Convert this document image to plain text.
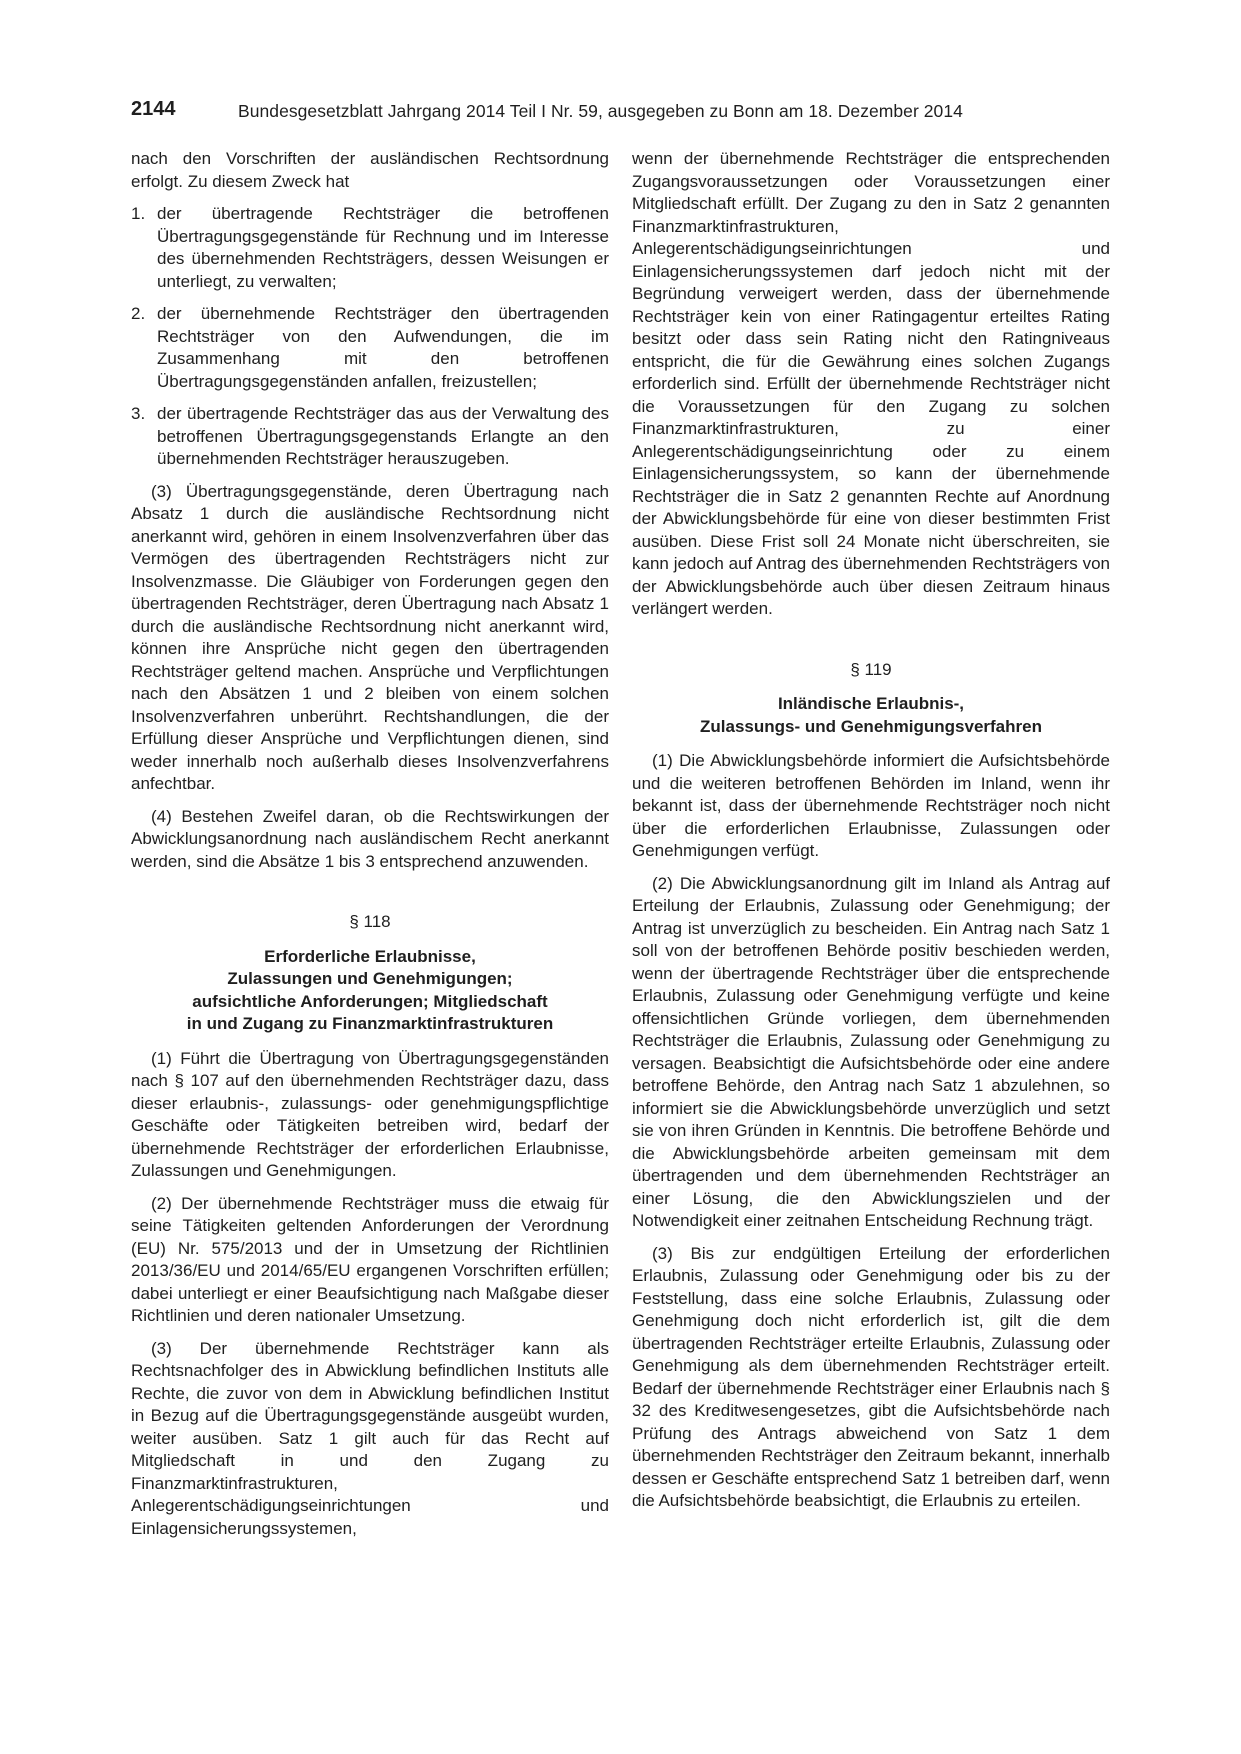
2144	Bundesgesetzblatt Jahrgang 2014 Teil I Nr. 59, ausgegeben zu Bonn am 18. Dezember 2014

nach den Vorschriften der ausländischen Rechtsordnung erfolgt. Zu diesem Zweck hat

1. der übertragende Rechtsträger die betroffenen Übertragungsgegenstände für Rechnung und im Interesse des übernehmenden Rechtsträgers, dessen Weisungen er unterliegt, zu verwalten;
2. der übernehmende Rechtsträger den übertragenden Rechtsträger von den Aufwendungen, die im Zusammenhang mit den betroffenen Übertragungsgegenständen anfallen, freizustellen;
3. der übertragende Rechtsträger das aus der Verwaltung des betroffenen Übertragungsgegenstands Erlangte an den übernehmenden Rechtsträger herauszugeben.

(3) Übertragungsgegenstände, deren Übertragung nach Absatz 1 durch die ausländische Rechtsordnung nicht anerkannt wird, gehören in einem Insolvenzverfahren über das Vermögen des übertragenden Rechtsträgers nicht zur Insolvenzmasse. Die Gläubiger von Forderungen gegen den übertragenden Rechtsträger, deren Übertragung nach Absatz 1 durch die ausländische Rechtsordnung nicht anerkannt wird, können ihre Ansprüche nicht gegen den übertragenden Rechtsträger geltend machen. Ansprüche und Verpflichtungen nach den Absätzen 1 und 2 bleiben von einem solchen Insolvenzverfahren unberührt. Rechtshandlungen, die der Erfüllung dieser Ansprüche und Verpflichtungen dienen, sind weder innerhalb noch außerhalb dieses Insolvenzverfahrens anfechtbar.

(4) Bestehen Zweifel daran, ob die Rechtswirkungen der Abwicklungsanordnung nach ausländischem Recht anerkannt werden, sind die Absätze 1 bis 3 entsprechend anzuwenden.

§ 118
Erforderliche Erlaubnisse,
Zulassungen und Genehmigungen;
aufsichtliche Anforderungen; Mitgliedschaft
in und Zugang zu Finanzmarktinfrastrukturen

(1) Führt die Übertragung von Übertragungsgegenständen nach § 107 auf den übernehmenden Rechtsträger dazu, dass dieser erlaubnis-, zulassungs- oder genehmigungspflichtige Geschäfte oder Tätigkeiten betreiben wird, bedarf der übernehmende Rechtsträger der erforderlichen Erlaubnisse, Zulassungen und Genehmigungen.

(2) Der übernehmende Rechtsträger muss die etwaig für seine Tätigkeiten geltenden Anforderungen der Verordnung (EU) Nr. 575/2013 und der in Umsetzung der Richtlinien 2013/36/EU und 2014/65/EU ergangenen Vorschriften erfüllen; dabei unterliegt er einer Beaufsichtigung nach Maßgabe dieser Richtlinien und deren nationaler Umsetzung.

(3) Der übernehmende Rechtsträger kann als Rechtsnachfolger des in Abwicklung befindlichen Instituts alle Rechte, die zuvor von dem in Abwicklung befindlichen Institut in Bezug auf die Übertragungsgegenstände ausgeübt wurden, weiter ausüben. Satz 1 gilt auch für das Recht auf Mitgliedschaft in und den Zugang zu Finanzmarktinfrastrukturen, Anlegerentschädigungseinrichtungen und Einlagensicherungssystemen,

wenn der übernehmende Rechtsträger die entsprechenden Zugangsvoraussetzungen oder Voraussetzungen einer Mitgliedschaft erfüllt. Der Zugang zu den in Satz 2 genannten Finanzmarktinfrastrukturen, Anlegerentschädigungseinrichtungen und Einlagensicherungssystemen darf jedoch nicht mit der Begründung verweigert werden, dass der übernehmende Rechtsträger kein von einer Ratingagentur erteiltes Rating besitzt oder dass sein Rating nicht den Ratingniveaus entspricht, die für die Gewährung eines solchen Zugangs erforderlich sind. Erfüllt der übernehmende Rechtsträger nicht die Voraussetzungen für den Zugang zu solchen Finanzmarktinfrastrukturen, zu einer Anlegerentschädigungseinrichtung oder zu einem Einlagensicherungssystem, so kann der übernehmende Rechtsträger die in Satz 2 genannten Rechte auf Anordnung der Abwicklungsbehörde für eine von dieser bestimmten Frist ausüben. Diese Frist soll 24 Monate nicht überschreiten, sie kann jedoch auf Antrag des übernehmenden Rechtsträgers von der Abwicklungsbehörde auch über diesen Zeitraum hinaus verlängert werden.

§ 119
Inländische Erlaubnis-,
Zulassungs- und Genehmigungsverfahren

(1) Die Abwicklungsbehörde informiert die Aufsichtsbehörde und die weiteren betroffenen Behörden im Inland, wenn ihr bekannt ist, dass der übernehmende Rechtsträger noch nicht über die erforderlichen Erlaubnisse, Zulassungen oder Genehmigungen verfügt.

(2) Die Abwicklungsanordnung gilt im Inland als Antrag auf Erteilung der Erlaubnis, Zulassung oder Genehmigung; der Antrag ist unverzüglich zu bescheiden. Ein Antrag nach Satz 1 soll von der betroffenen Behörde positiv beschieden werden, wenn der übertragende Rechtsträger über die entsprechende Erlaubnis, Zulassung oder Genehmigung verfügte und keine offensichtlichen Gründe vorliegen, dem übernehmenden Rechtsträger die Erlaubnis, Zulassung oder Genehmigung zu versagen. Beabsichtigt die Aufsichtsbehörde oder eine andere betroffene Behörde, den Antrag nach Satz 1 abzulehnen, so informiert sie die Abwicklungsbehörde unverzüglich und setzt sie von ihren Gründen in Kenntnis. Die betroffene Behörde und die Abwicklungsbehörde arbeiten gemeinsam mit dem übertragenden und dem übernehmenden Rechtsträger an einer Lösung, die den Abwicklungszielen und der Notwendigkeit einer zeitnahen Entscheidung Rechnung trägt.

(3) Bis zur endgültigen Erteilung der erforderlichen Erlaubnis, Zulassung oder Genehmigung oder bis zu der Feststellung, dass eine solche Erlaubnis, Zulassung oder Genehmigung doch nicht erforderlich ist, gilt die dem übertragenden Rechtsträger erteilte Erlaubnis, Zulassung oder Genehmigung als dem übernehmenden Rechtsträger erteilt. Bedarf der übernehmende Rechtsträger einer Erlaubnis nach § 32 des Kreditwesengesetzes, gibt die Aufsichtsbehörde nach Prüfung des Antrags abweichend von Satz 1 dem übernehmenden Rechtsträger den Zeitraum bekannt, innerhalb dessen er Geschäfte entsprechend Satz 1 betreiben darf, wenn die Aufsichtsbehörde beabsichtigt, die Erlaubnis zu erteilen.
